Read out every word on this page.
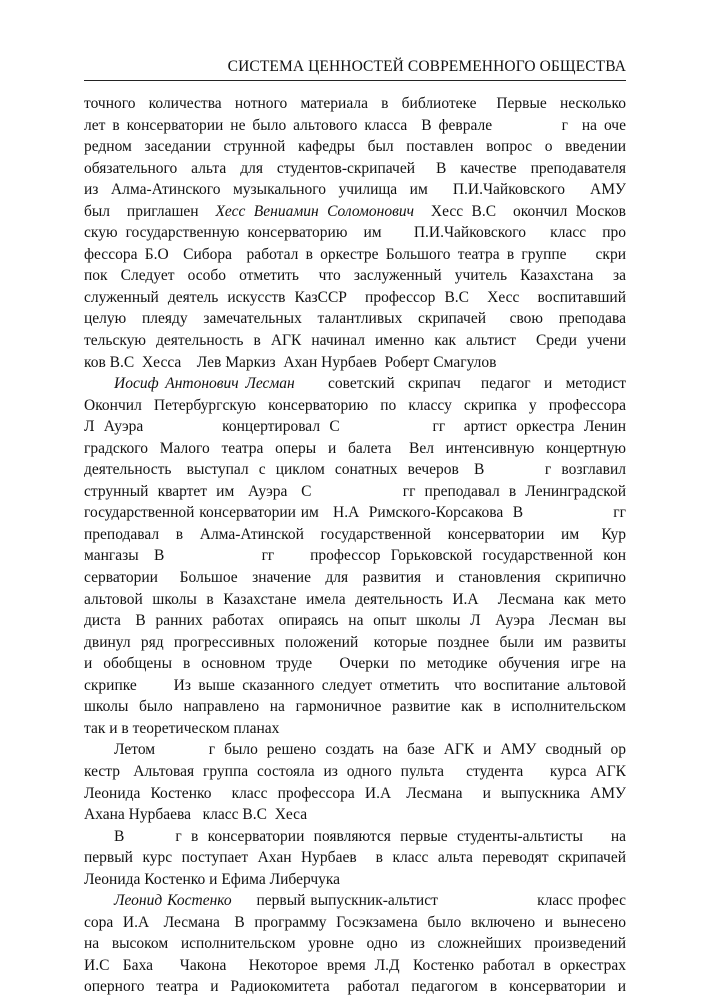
СИСТЕМА ЦЕННОСТЕЙ СОВРЕМЕННОГО ОБЩЕСТВА
точного  количества  нотного  материала  в  библиотеке   Первые  несколько
лет в консерватории не было альтового класса  В феврале          г  на оче
редном заседании струнной кафедры был поставлен вопрос о введении
обязательного  альта  для  студентов-скрипачей   В  качестве  преподавателя
из  Алма-Атинского  музыкального  училища  им    П.И.Чайковского    АМУ
был  приглашен  Хесс Вениамин Соломонович  Хесс В.С  окончил Москов
скую государственную консерваторию  им    П.И.Чайковского   класс  про
фессора Б.О  Сибора  работал в оркестре Большого театра в группе    скри
пок  Следует  особо  отметить   что  заслуженный  учитель  Казахстана   за
служенный деятель искусств КазССР  профессор В.С  Хесс  воспитавший
целую  плеяду  замечательных  талантливых  скрипачей   свою  преподава
тельскую деятельность в АГК начинал именно как альтист  Среди учени
ков В.С  Хесса    Лев Маркиз  Ахан Нурбаев  Роберт Смагулов
Иосиф Антонович Лесман     советский  скрипач   педагог  и  методист
Окончил  Петербургскую  консерваторию  по  классу  скрипка  у  профессора
Л  Ауэра                 концертировал  С                    гг    артист  оркестра  Ленин
градского  Малого  театра  оперы  и  балета   Вел  интенсивную  концертную
деятельность   выступал  с  циклом  сонатных  вечеров   В            г  возглавил
струнный  квартет  им   Ауэра   С                    гг  преподавал  в  Ленинградской
государственной консерватории им   Н.А  Римского-Корсакова  В                   гг
преподавал   в   Алма-Атинской   государственной   консерватории   им    Кур
мангазы   В                   гг       профессор  Горьковской  государственной  кон
серватории   Большое  значение  для  развития  и  становления  скрипично
альтовой школы в Казахстане имела деятельность И.А  Лесмана как мето
диста   В  ранних  работах   опираясь  на  опыт  школы  Л   Ауэра   Лесман  вы
двинул  ряд  прогрессивных  положений   которые  позднее  были  им  развиты
и  обобщены  в  основном  труде     Очерки  по  методике  обучения  игре  на
скрипке     Из выше сказанного следует отметить  что воспитание альтовой
школы  было  направлено  на  гармоничное  развитие  как  в  исполнительском
так и в теоретическом планах
Летом            г  было  решено  создать  на  базе  АГК  и  АМУ  сводный  ор
кестр   Альтовая  группа  состояла  из  одного  пульта     студента      курса  АГК
Леонида  Костенко    класс  профессора  И.А   Лесмана    и  выпускника  АМУ
Ахана Нурбаева   класс В.С  Хеса
В           г  в  консерватории  появляются  первые  студенты-альтисты      на
первый курс поступает Ахан Нурбаев  в класс альта переводят скрипачей
Леонида Костенко и Ефима Либерчука
Леонид Костенко     первый выпускник-альтист                    класс профес
сора  И.А   Лесмана   В  программу  Госэкзамена  было  включено  и  вынесено
на  высоком  исполнительском  уровне  одно  из  сложнейших  произведений
И.С   Баха      Чакона     Некоторое  время  Л.Д   Костенко  работал  в  оркестрах
оперного  театра  и  Радиокомитета   работал  педагогом  в  консерватории  и
